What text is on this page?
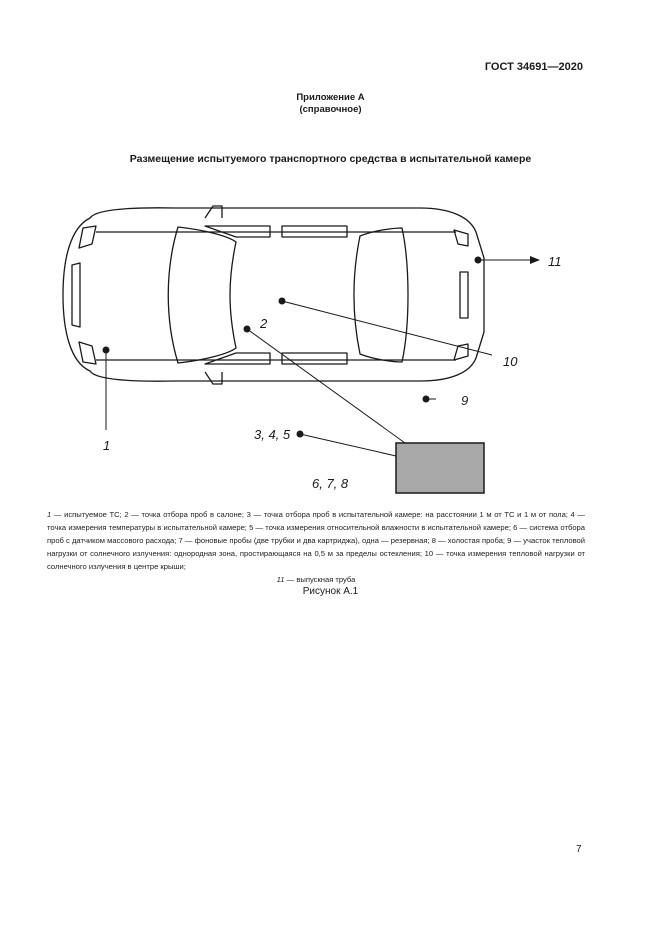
ГОСТ 34691—2020
Приложение А
(справочное)
Размещение испытуемого транспортного средства в испытательной камере
1
2
3, 4, 5
6, 7, 8
9
10
11
1 — испытуемое ТС; 2 — точка отбора проб в салоне; 3 — точка отбора проб в испытательной камере: на расстоянии 1 м от ТС и 1 м от пола; 4 — точка измерения температуры в испытательной камере; 5 — точка измерения относительной влажности в испытательной камере; 6 — система отбора проб с датчиком массового расхода; 7 — фоновые пробы (две трубки и два картриджа), одна — резервная; 8 — холостая проба; 9 — участок тепловой нагрузки от солнечного излучения: однородная зона, простирающаяся на 0,5 м за пределы остекления; 10 — точка измерения тепловой нагрузки от солнечного излучения в центре крыши;
11 — выпускная труба
Рисунок А.1
7
